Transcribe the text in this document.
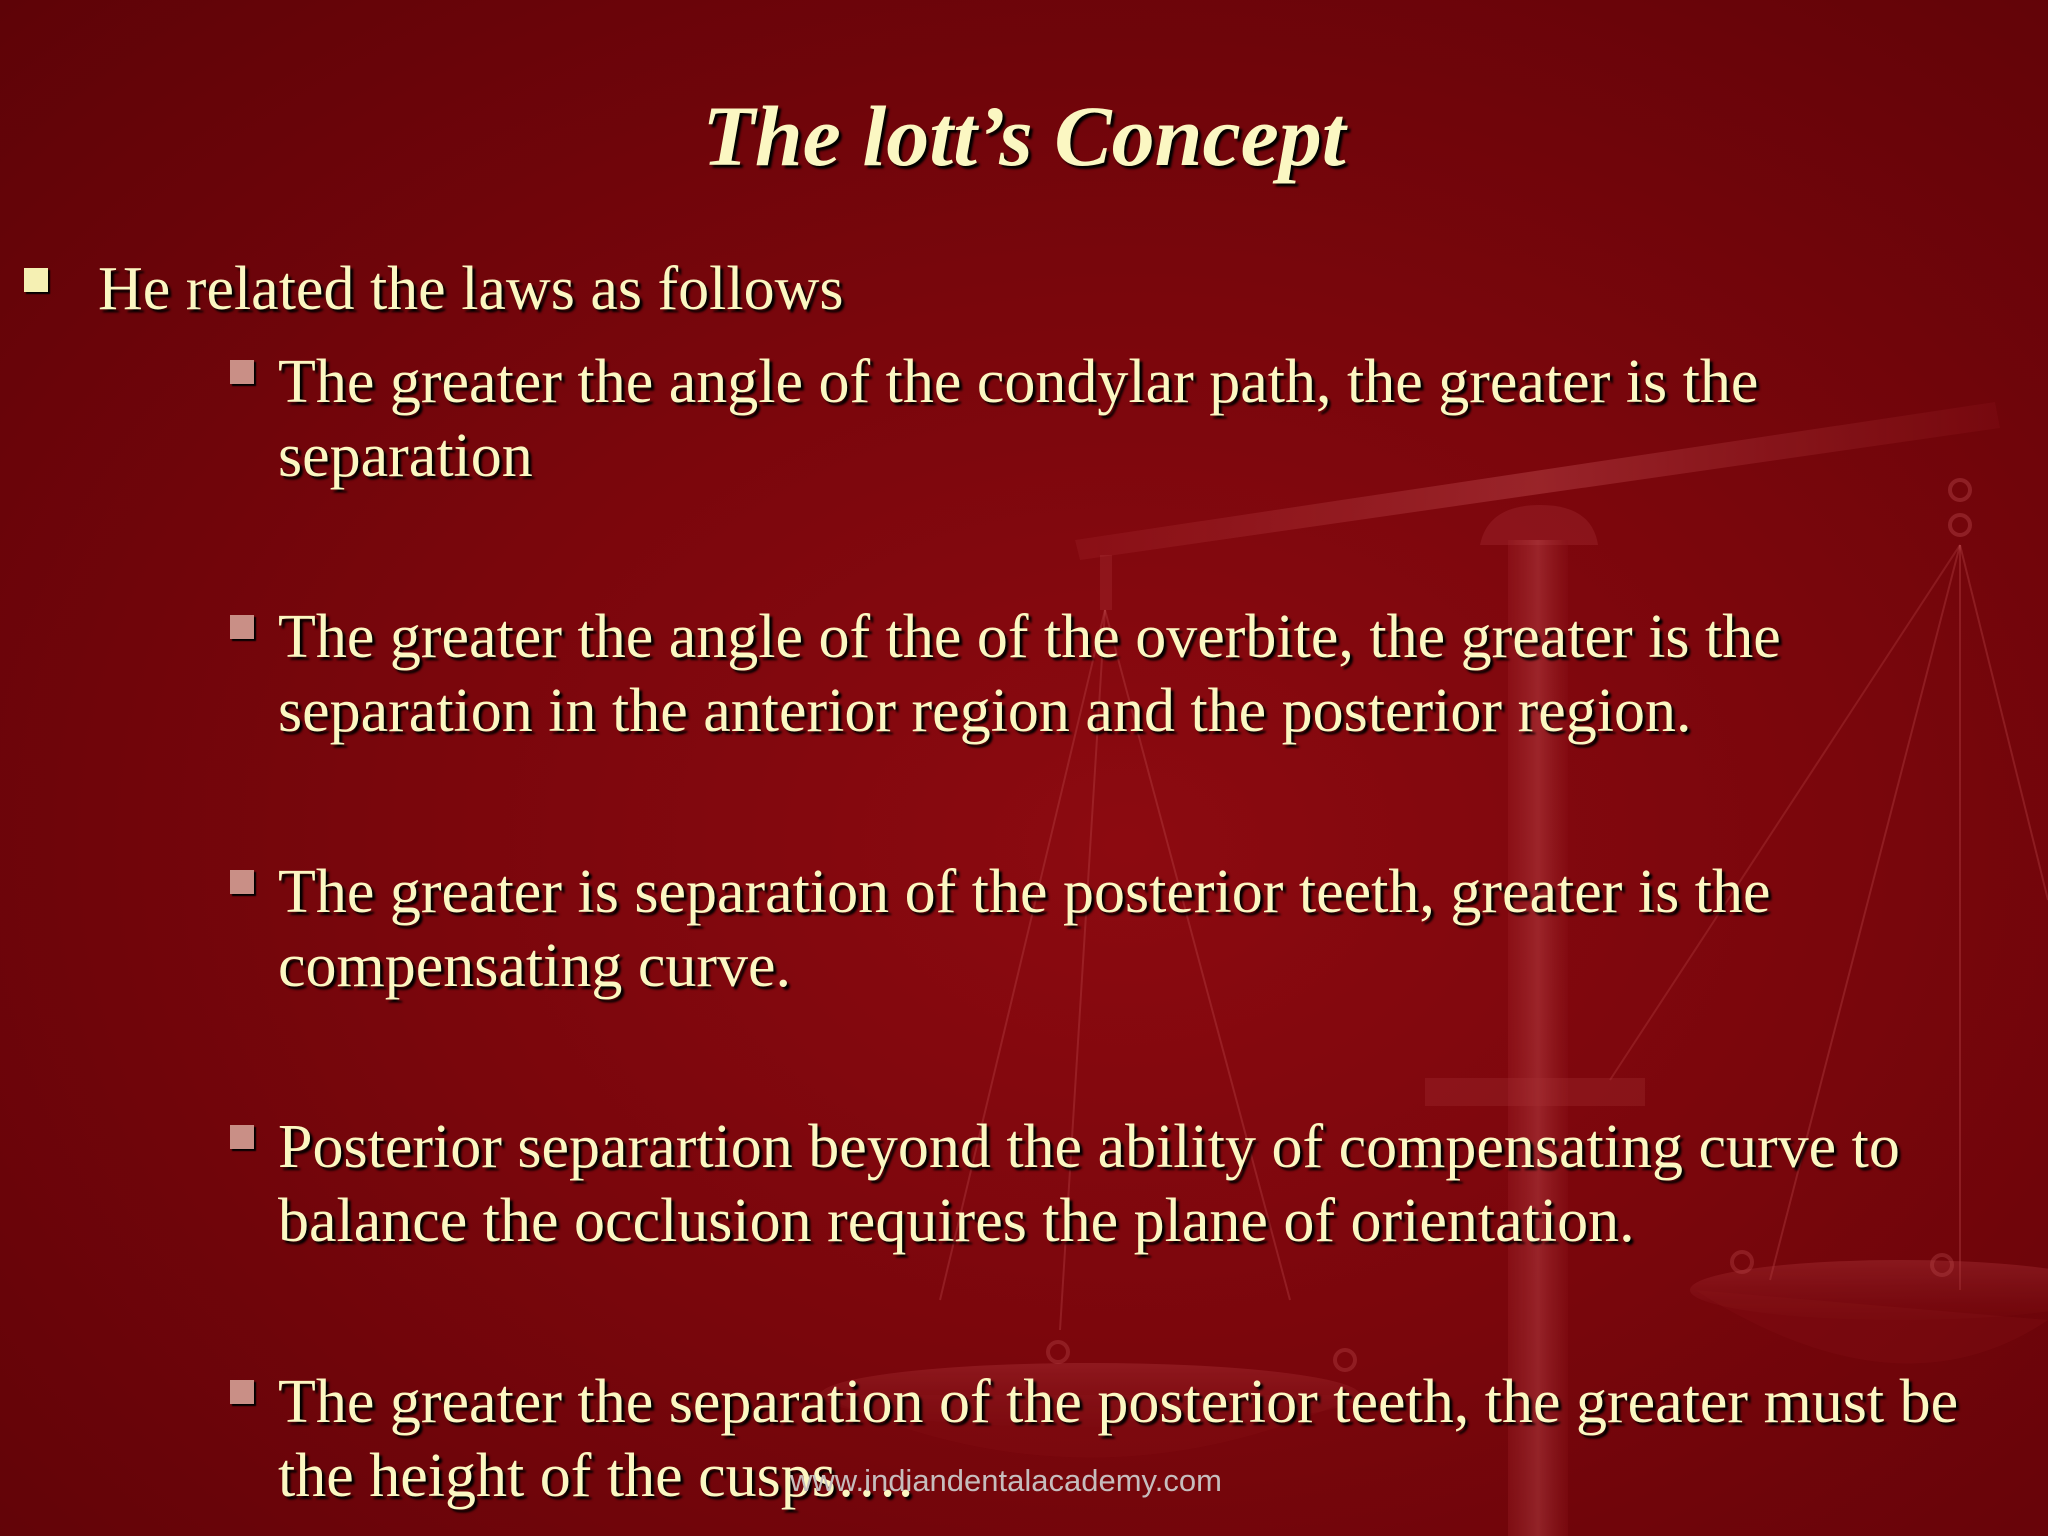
The lott’s Concept
He related the laws as follows
The greater the angle of the condylar path, the greater is the separation
The greater the angle of the of the overbite, the greater is the separation in the anterior region and the posterior region.
The greater is separation of the posterior teeth, greater is the compensating curve.
Posterior separartion beyond the ability of compensating curve to balance the occlusion requires the plane of orientation.
The greater the separation of the posterior teeth, the greater must be the height of the cusps….
www.indiandentalacademy.com
